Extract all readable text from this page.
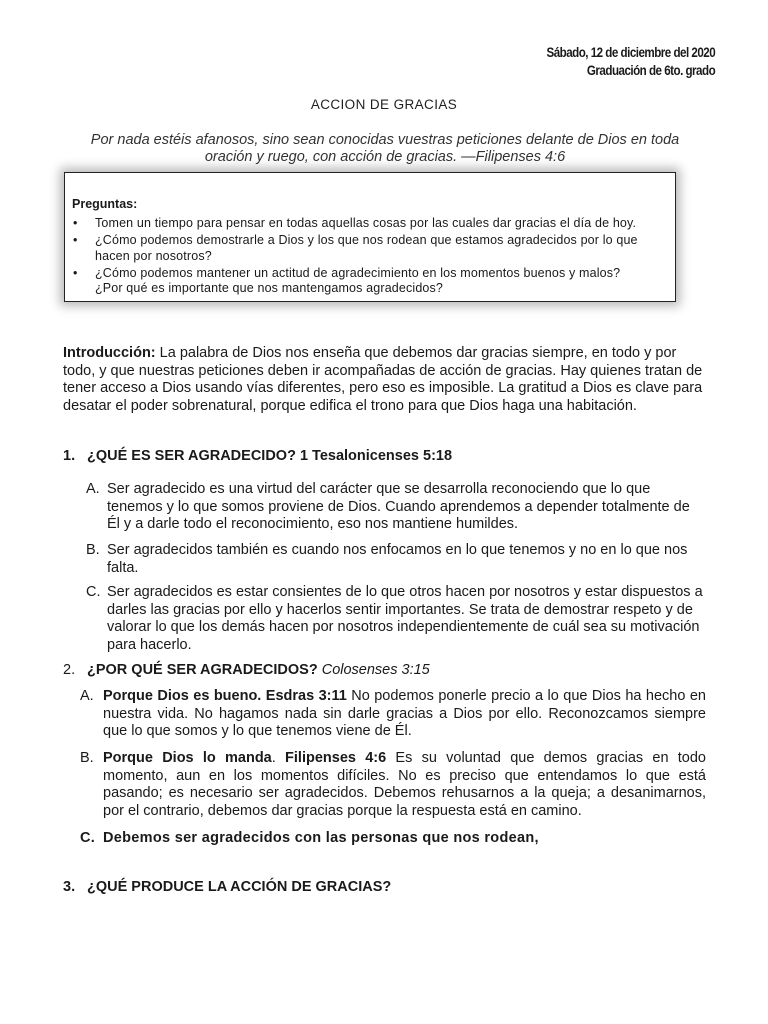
Sábado, 12 de diciembre del 2020
Graduación de 6to. grado
ACCION DE GRACIAS
Por nada estéis afanosos, sino sean conocidas vuestras peticiones delante de Dios en toda
oración y ruego, con acción de gracias. —Filipenses 4:6
Preguntas:
• Tomen un tiempo para pensar en todas aquellas cosas por las cuales dar gracias el día de hoy.
• ¿Cómo podemos demostrarle a Dios y los que nos rodean que estamos agradecidos por lo que hacen por nosotros?
• ¿Cómo podemos mantener un actitud de agradecimiento en los momentos buenos y malos?
¿Por qué es importante que nos mantengamos agradecidos?
Introducción: La palabra de Dios nos enseña que debemos dar gracias siempre, en todo y por todo, y que nuestras peticiones deben ir acompañadas de acción de gracias. Hay quienes tratan de tener acceso a Dios usando vías diferentes, pero eso es imposible. La gratitud a Dios es clave para desatar el poder sobrenatural, porque edifica el trono para que Dios haga una habitación.
1. ¿QUÉ ES SER AGRADECIDO? 1 Tesalonicenses 5:18
A. Ser agradecido es una virtud del carácter que se desarrolla reconociendo que lo que tenemos y lo que somos proviene de Dios. Cuando aprendemos a depender totalmente de Él y a darle todo el reconocimiento, eso nos mantiene humildes.
B. Ser agradecidos también es cuando nos enfocamos en lo que tenemos y no en lo que nos falta.
C. Ser agradecidos es estar consientes de lo que otros hacen por nosotros y estar dispuestos a darles las gracias por ello y hacerlos sentir importantes. Se trata de demostrar respeto y de valorar lo que los demás hacen por nosotros independientemente de cuál sea su motivación para hacerlo.
2. ¿POR QUÉ SER AGRADECIDOS? Colosenses 3:15
A. Porque Dios es bueno. Esdras 3:11 No podemos ponerle precio a lo que Dios ha hecho en nuestra vida. No hagamos nada sin darle gracias a Dios por ello. Reconozcamos siempre que lo que somos y lo que tenemos viene de Él.
B. Porque Dios lo manda. Filipenses 4:6 Es su voluntad que demos gracias en todo momento, aun en los momentos difíciles. No es preciso que entendamos lo que está pasando; es necesario ser agradecidos. Debemos rehusarnos a la queja; a desanimarnos, por el contrario, debemos dar gracias porque la respuesta está en camino.
C. Debemos ser agradecidos con las personas que nos rodean,
3. ¿QUÉ PRODUCE LA ACCIÓN DE GRACIAS?
